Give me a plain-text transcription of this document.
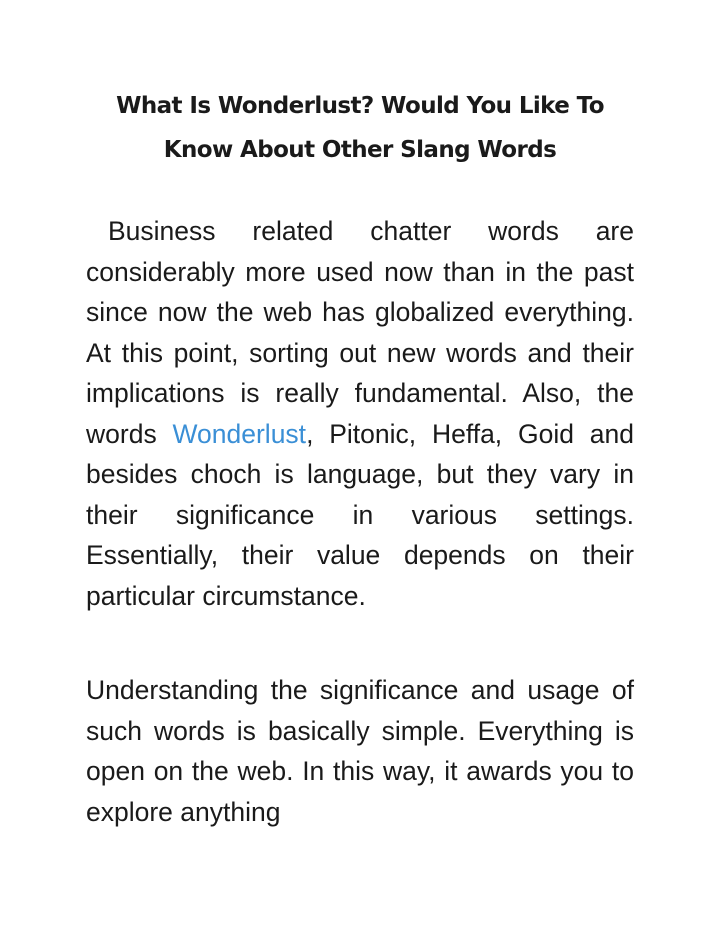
What Is Wonderlust? Would You Like To Know About Other Slang Words

Business related chatter words are considerably more used now than in the past since now the web has globalized everything. At this point, sorting out new words and their implications is really fundamental. Also, the words Wonderlust, Pitonic, Heffa, Goid and besides choch is language, but they vary in their significance in various settings. Essentially, their value depends on their particular circumstance.

Understanding the significance and usage of such words is basically simple. Everything is open on the web. In this way, it awards you to explore anything
